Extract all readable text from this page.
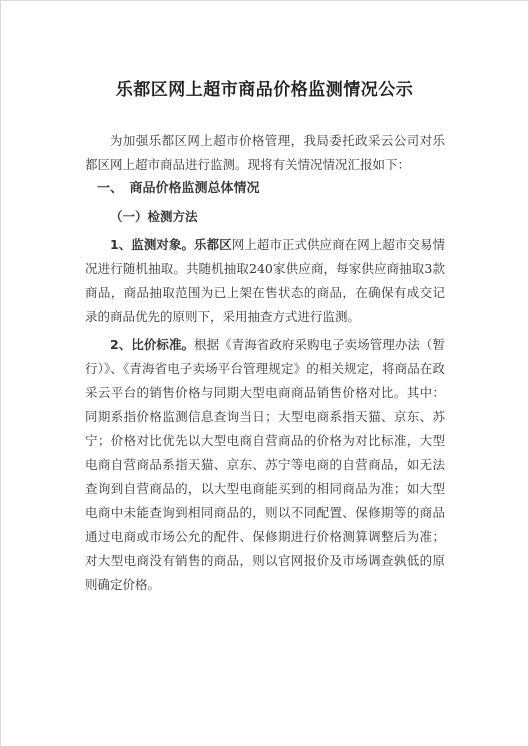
乐都区网上超市商品价格监测情况公示

为加强乐都区网上超市价格管理，我局委托政采云公司对乐都区网上超市商品进行监测。现将有关情况情况汇报如下：

一、　商品价格监测总体情况

（一）检测方法

1、监测对象。乐都区网上超市正式供应商在网上超市交易情况进行随机抽取。共随机抽取240家供应商，每家供应商抽取3款商品，商品抽取范围为已上架在售状态的商品，在确保有成交记录的商品优先的原则下，采用抽查方式进行监测。

2、比价标准。根据《青海省政府采购电子卖场管理办法（暂行）》、《青海省电子卖场平台管理规定》的相关规定，将商品在政采云平台的销售价格与同期大型电商商品销售价格对比。其中：同期系指价格监测信息查询当日；大型电商系指天猫、京东、苏宁；价格对比优先以大型电商自营商品的价格为对比标准，大型电商自营商品系指天猫、京东、苏宁等电商的自营商品，如无法查询到自营商品的，以大型电商能买到的相同商品为准；如大型电商中未能查询到相同商品的，则以不同配置、保修期等的商品通过电商或市场公允的配件、保修期进行价格测算调整后为准；对大型电商没有销售的商品，则以官网报价及市场调查孰低的原则确定价格。
